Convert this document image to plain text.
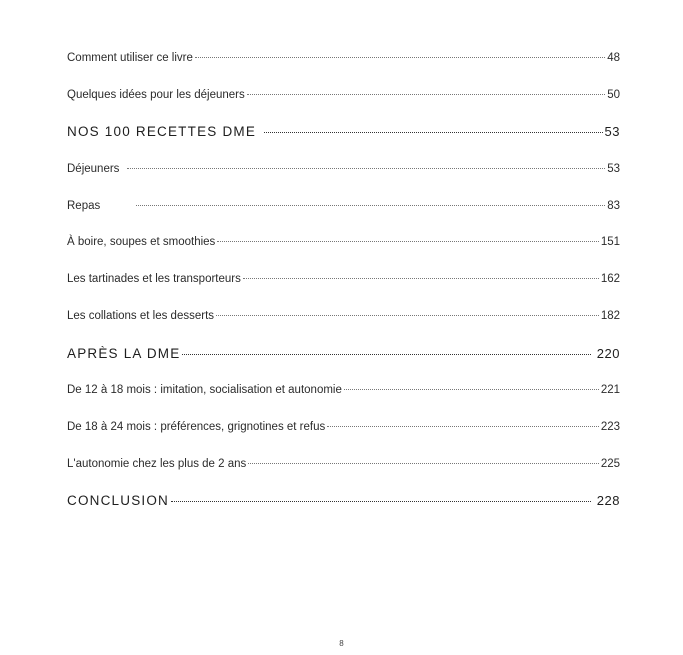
Comment utiliser ce livre	48
Quelques idées pour les déjeuners	50
NOS 100 RECETTES DME	53
Déjeuners	53
Repas	83
À boire, soupes et smoothies	151
Les tartinades et les transporteurs	162
Les collations et les desserts	182
APRÈS LA DME	220
De 12 à 18 mois : imitation, socialisation et autonomie	221
De 18 à 24 mois : préférences, grignotines et refus	223
L'autonomie chez les plus de 2 ans	225
CONCLUSION	228
8
